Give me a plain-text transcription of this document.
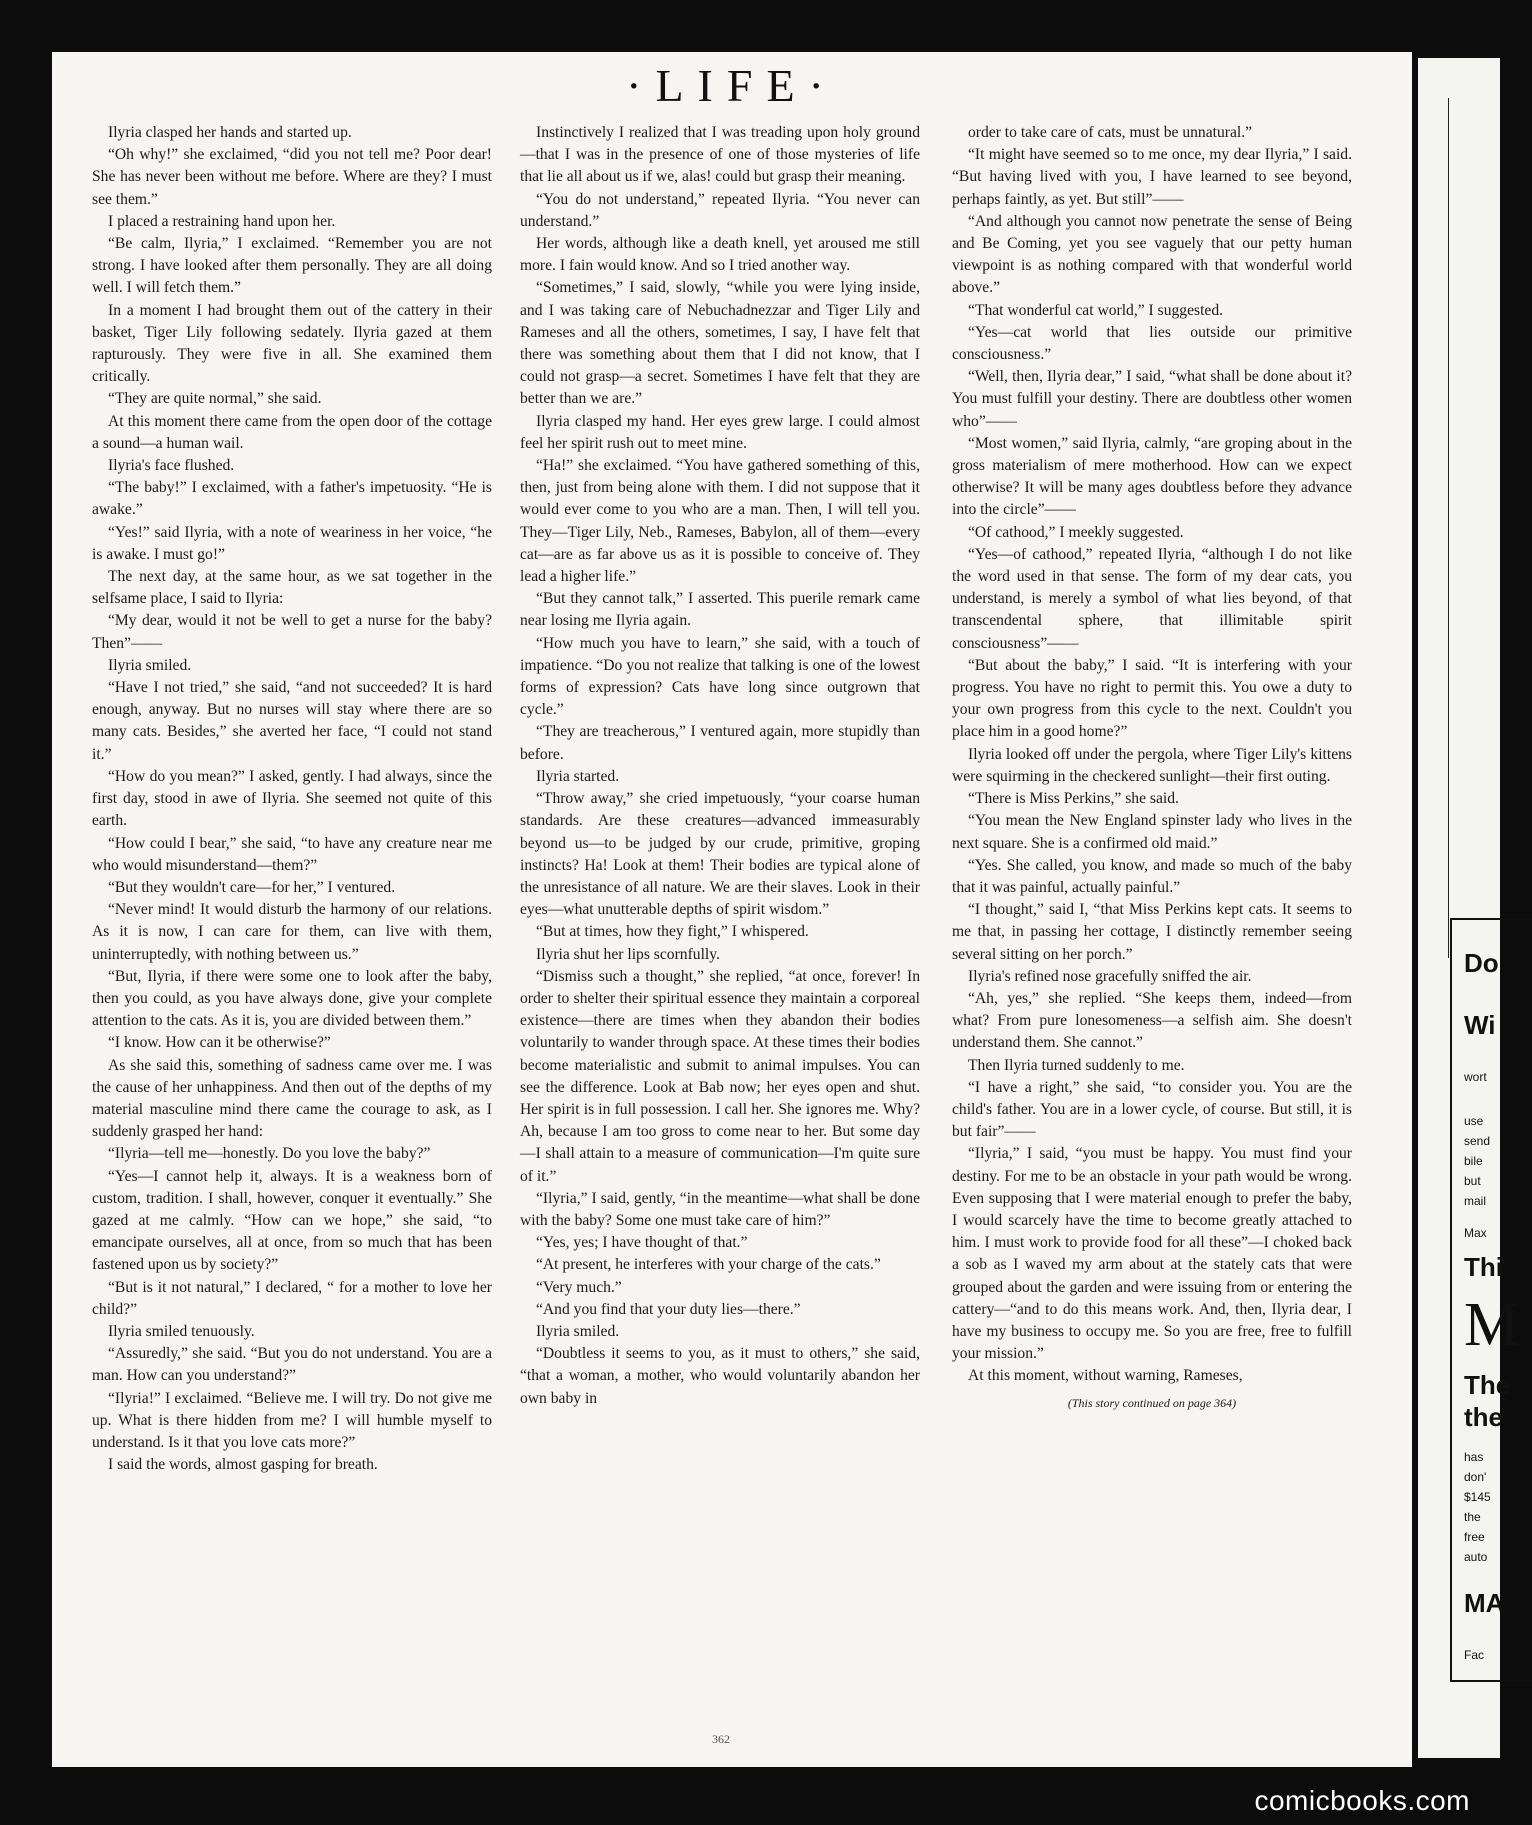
·LIFE·

Ilyria clasped her hands and started up.

“Oh why!” she exclaimed, “did you not tell me? Poor dear! She has never been without me before. Where are they? I must see them.”

I placed a restraining hand upon her.

“Be calm, Ilyria,” I exclaimed. “Remember you are not strong. I have looked after them personally. They are all doing well. I will fetch them.”

In a moment I had brought them out of the cattery in their basket, Tiger Lily following sedately. Ilyria gazed at them rapturously. They were five in all. She examined them critically.

“They are quite normal,” she said.

At this moment there came from the open door of the cottage a sound—a human wail.

Ilyria's face flushed.

“The baby!” I exclaimed, with a father's impetuosity. “He is awake.”

“Yes!” said Ilyria, with a note of weariness in her voice, “he is awake. I must go!”

The next day, at the same hour, as we sat together in the selfsame place, I said to Ilyria:

“My dear, would it not be well to get a nurse for the baby? Then”——

Ilyria smiled.

“Have I not tried,” she said, “and not succeeded? It is hard enough, anyway. But no nurses will stay where there are so many cats. Besides,” she averted her face, “I could not stand it.”

“How do you mean?” I asked, gently. I had always, since the first day, stood in awe of Ilyria. She seemed not quite of this earth.

“How could I bear,” she said, “to have any creature near me who would misunderstand—them?”

“But they wouldn't care—for her,” I ventured.

“Never mind! It would disturb the harmony of our relations. As it is now, I can care for them, can live with them, uninterruptedly, with nothing between us.”

“But, Ilyria, if there were some one to look after the baby, then you could, as you have always done, give your complete attention to the cats. As it is, you are divided between them.”

“I know. How can it be otherwise?”

As she said this, something of sadness came over me. I was the cause of her unhappiness. And then out of the depths of my material masculine mind there came the courage to ask, as I suddenly grasped her hand:

“Ilyria—tell me—honestly. Do you love the baby?”

“Yes—I cannot help it, always. It is a weakness born of custom, tradition. I shall, however, conquer it eventually.” She gazed at me calmly. “How can we hope,” she said, “to emancipate ourselves, all at once, from so much that has been fastened upon us by society?”

“But is it not natural,” I declared, “ for a mother to love her child?”

Ilyria smiled tenuously.

“Assuredly,” she said. “But you do not understand. You are a man. How can you understand?”

“Ilyria!” I exclaimed. “Believe me. I will try. Do not give me up. What is there hidden from me? I will humble myself to understand. Is it that you love cats more?”

I said the words, almost gasping for breath.

Instinctively I realized that I was treading upon holy ground—that I was in the presence of one of those mysteries of life that lie all about us if we, alas! could but grasp their meaning.

“You do not understand,” repeated Ilyria. “You never can understand.”

Her words, although like a death knell, yet aroused me still more. I fain would know. And so I tried another way.

“Sometimes,” I said, slowly, “while you were lying inside, and I was taking care of Nebuchadnezzar and Tiger Lily and Rameses and all the others, sometimes, I say, I have felt that there was something about them that I did not know, that I could not grasp—a secret. Sometimes I have felt that they are better than we are.”

Ilyria clasped my hand. Her eyes grew large. I could almost feel her spirit rush out to meet mine.

“Ha!” she exclaimed. “You have gathered something of this, then, just from being alone with them. I did not suppose that it would ever come to you who are a man. Then, I will tell you. They—Tiger Lily, Neb., Rameses, Babylon, all of them—every cat—are as far above us as it is possible to conceive of. They lead a higher life.”

“But they cannot talk,” I asserted. This puerile remark came near losing me Ilyria again.

“How much you have to learn,” she said, with a touch of impatience. “Do you not realize that talking is one of the lowest forms of expression? Cats have long since outgrown that cycle.”

“They are treacherous,” I ventured again, more stupidly than before.

Ilyria started.

“Throw away,” she cried impetuously, “your coarse human standards. Are these creatures—advanced immeasurably beyond us—to be judged by our crude, primitive, groping instincts? Ha! Look at them! Their bodies are typical alone of the unresistance of all nature. We are their slaves. Look in their eyes—what unutterable depths of spirit wisdom.”

“But at times, how they fight,” I whispered.

Ilyria shut her lips scornfully.

“Dismiss such a thought,” she replied, “at once, forever! In order to shelter their spiritual essence they maintain a corporeal existence—there are times when they abandon their bodies voluntarily to wander through space. At these times their bodies become materialistic and submit to animal impulses. You can see the difference. Look at Bab now; her eyes open and shut. Her spirit is in full possession. I call her. She ignores me. Why? Ah, because I am too gross to come near to her. But some day—I shall attain to a measure of communication—I'm quite sure of it.”

“Ilyria,” I said, gently, “in the meantime—what shall be done with the baby? Some one must take care of him?”

“Yes, yes; I have thought of that.”

“At present, he interferes with your charge of the cats.”

“Very much.”

“And you find that your duty lies—there.”

Ilyria smiled.

“Doubtless it seems to you, as it must to others,” she said, “that a woman, a mother, who would voluntarily abandon her own baby in

order to take care of cats, must be unnatural.”

“It might have seemed so to me once, my dear Ilyria,” I said. “But having lived with you, I have learned to see beyond, perhaps faintly, as yet. But still”——

“And although you cannot now penetrate the sense of Being and Be Coming, yet you see vaguely that our petty human viewpoint is as nothing compared with that wonderful world above.”

“That wonderful cat world,” I suggested.

“Yes—cat world that lies outside our primitive consciousness.”

“Well, then, Ilyria dear,” I said, “what shall be done about it? You must fulfill your destiny. There are doubtless other women who”——

“Most women,” said Ilyria, calmly, “are groping about in the gross materialism of mere motherhood. How can we expect otherwise? It will be many ages doubtless before they advance into the circle”——

“Of cathood,” I meekly suggested.

“Yes—of cathood,” repeated Ilyria, “although I do not like the word used in that sense. The form of my dear cats, you understand, is merely a symbol of what lies beyond, of that transcendental sphere, that illimitable spirit consciousness”——

“But about the baby,” I said. “It is interfering with your progress. You have no right to permit this. You owe a duty to your own progress from this cycle to the next. Couldn't you place him in a good home?”

Ilyria looked off under the pergola, where Tiger Lily's kittens were squirming in the checkered sunlight—their first outing.

“There is Miss Perkins,” she said.

“You mean the New England spinster lady who lives in the next square. She is a confirmed old maid.”

“Yes. She called, you know, and made so much of the baby that it was painful, actually painful.”

“I thought,” said I, “that Miss Perkins kept cats. It seems to me that, in passing her cottage, I distinctly remember seeing several sitting on her porch.”

Ilyria's refined nose gracefully sniffed the air.

“Ah, yes,” she replied. “She keeps them, indeed—from what? From pure lonesomeness—a selfish aim. She doesn't understand them. She cannot.”

Then Ilyria turned suddenly to me.

“I have a right,” she said, “to consider you. You are the child's father. You are in a lower cycle, of course. But still, it is but fair”——

“Ilyria,” I said, “you must be happy. You must find your destiny. For me to be an obstacle in your path would be wrong. Even supposing that I were material enough to prefer the baby, I would scarcely have the time to become greatly attached to him. I must work to provide food for all these”—I choked back a sob as I waved my arm about at the stately cats that were grouped about the garden and were issuing from or entering the cattery—“and to do this means work. And, then, Ilyria dear, I have my business to occupy me. So you are free, free to fulfill your mission.”

At this moment, without warning, Rameses,

(This story continued on page 364)

362
Do
Wi
wort
use
send
bile
but
mail
Max
Thi
M
The
the
has
don'
$145
the
free
auto
MA
Fac
comicbooks.com
